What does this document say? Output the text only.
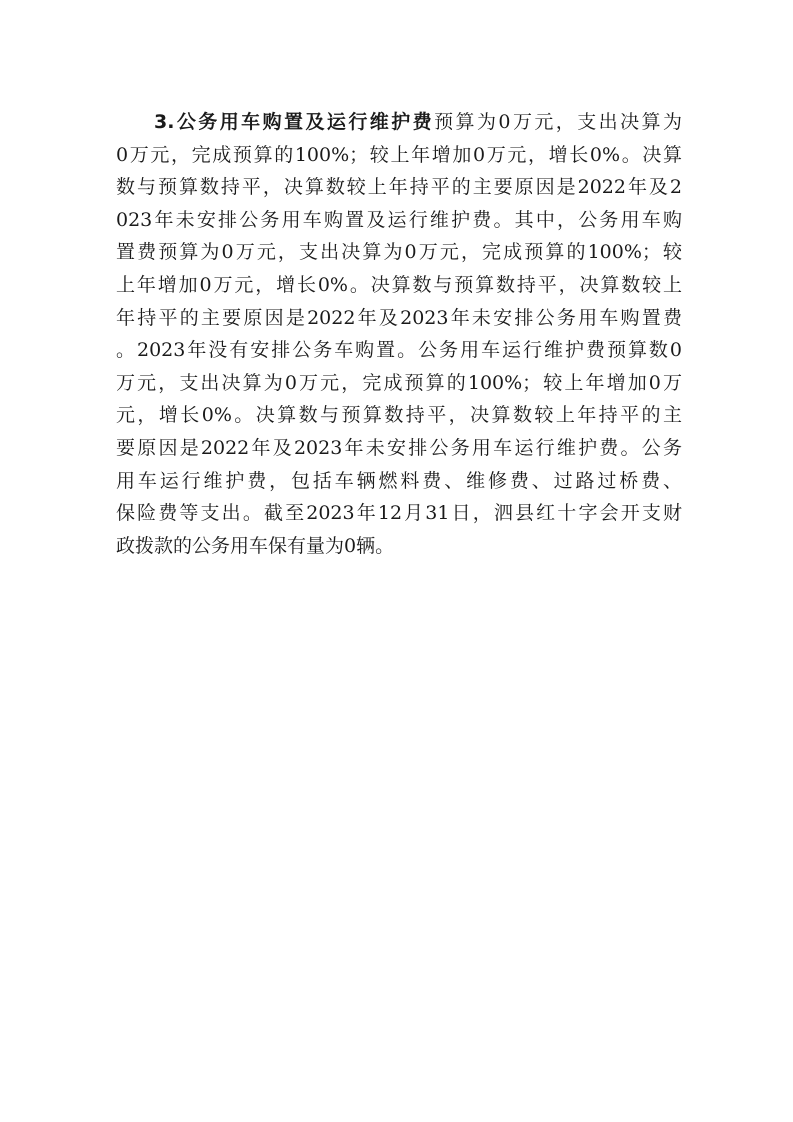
3.公务用车购置及运行维护费预算为0万元，支出决算为
0万元，完成预算的100%；较上年增加0万元，增长0%。决算
数与预算数持平，决算数较上年持平的主要原因是2022年及2
023年未安排公务用车购置及运行维护费。其中，公务用车购
置费预算为0万元，支出决算为0万元，完成预算的100%；较
上年增加0万元，增长0%。决算数与预算数持平，决算数较上
年持平的主要原因是2022年及2023年未安排公务用车购置费
。2023年没有安排公务车购置。公务用车运行维护费预算数0
万元，支出决算为0万元，完成预算的100%；较上年增加0万
元，增长0%。决算数与预算数持平，决算数较上年持平的主
要原因是2022年及2023年未安排公务用车运行维护费。公务
用车运行维护费，包括车辆燃料费、维修费、过路过桥费、
保险费等支出。截至2023年12月31日，泗县红十字会开支财
政拨款的公务用车保有量为0辆。
